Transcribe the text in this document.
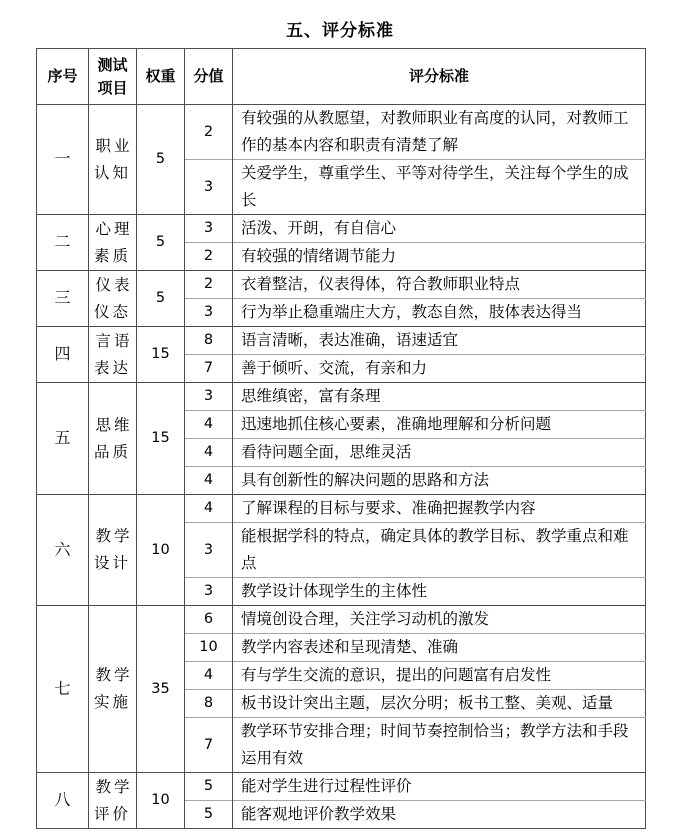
五、评分标准
序号	测试项目	权重	分值	评分标准
一	职业认知	5	2	有较强的从教愿望，对教师职业有高度的认同，对教师工作的基本内容和职责有清楚了解
			3	关爱学生，尊重学生、平等对待学生，关注每个学生的成长
二	心理素质	5	3	活泼、开朗，有自信心
			2	有较强的情绪调节能力
三	仪表仪态	5	2	衣着整洁，仪表得体，符合教师职业特点
			3	行为举止稳重端庄大方，教态自然，肢体表达得当
四	言语表达	15	8	语言清晰，表达准确，语速适宜
			7	善于倾听、交流，有亲和力
五	思维品质	15	3	思维缜密，富有条理
			4	迅速地抓住核心要素，准确地理解和分析问题
			4	看待问题全面，思维灵活
			4	具有创新性的解决问题的思路和方法
六	教学设计	10	4	了解课程的目标与要求、准确把握教学内容
			3	能根据学科的特点，确定具体的教学目标、教学重点和难点
			3	教学设计体现学生的主体性
七	教学实施	35	6	情境创设合理，关注学习动机的激发
			10	教学内容表述和呈现清楚、准确
			4	有与学生交流的意识，提出的问题富有启发性
			8	板书设计突出主题，层次分明；板书工整、美观、适量
			7	教学环节安排合理；时间节奏控制恰当；教学方法和手段运用有效
八	教学评价	10	5	能对学生进行过程性评价
			5	能客观地评价教学效果
